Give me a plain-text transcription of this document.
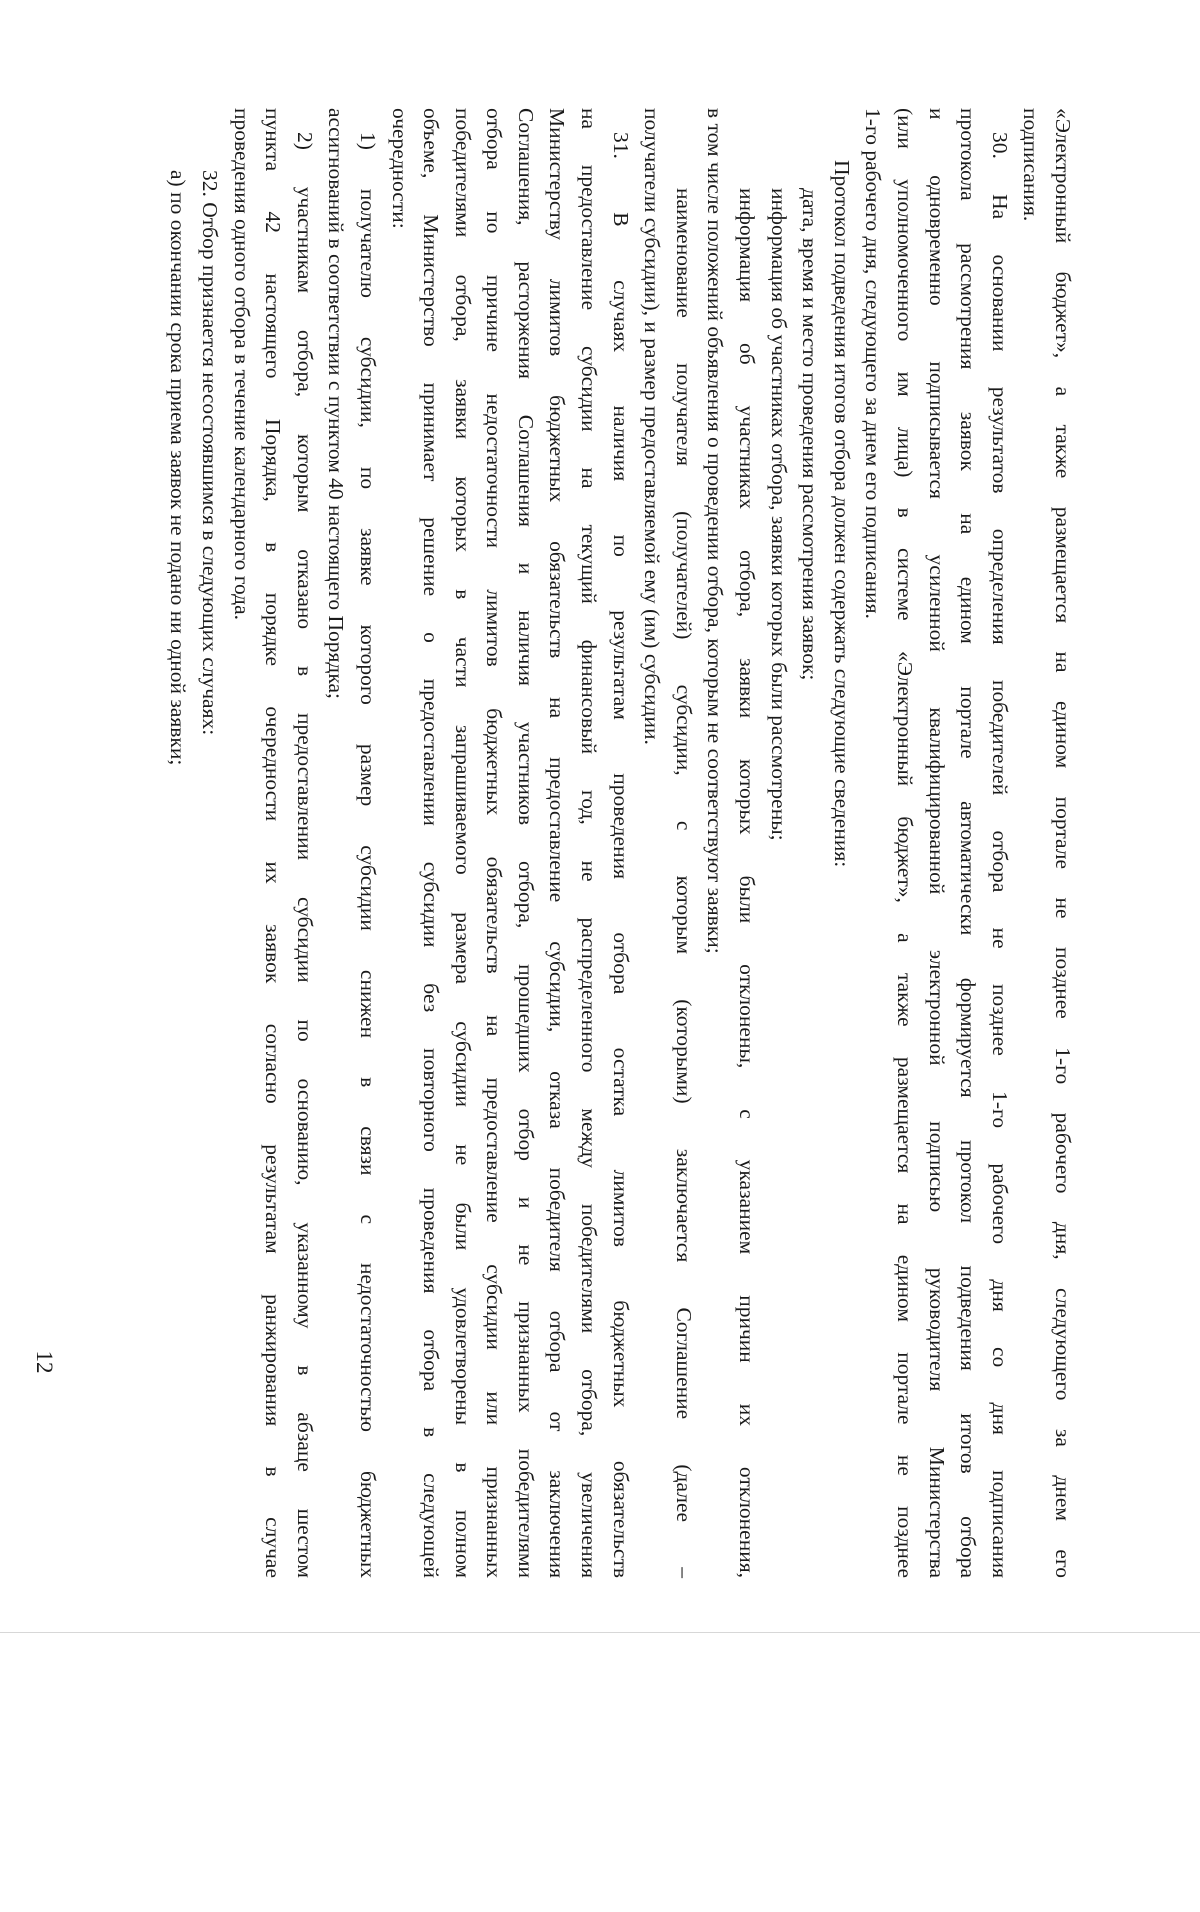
12	«Электронный бюджет», а также размещается на едином портале не позднее 1-го рабочего дня, следующего за днем его
подписания.
30. На основании результатов определения победителей отбора не позднее 1-го рабочего дня со дня подписания
протокола рассмотрения заявок на едином портале автоматически формируется протокол подведения итогов отбора
и одновременно подписывается усиленной квалифицированной электронной подписью руководителя Министерства
(или уполномоченного им лица) в системе «Электронный бюджет», а также размещается на едином портале не позднее
1-го рабочего дня, следующего за днем его подписания.
Протокол подведения итогов отбора должен содержать следующие сведения:
дата, время и место проведения рассмотрения заявок;
информация об участниках отбора, заявки которых были рассмотрены;
информация об участниках отбора, заявки которых были отклонены, с указанием причин их отклонения,
в том числе положений объявления о проведении отбора, которым не соответствуют заявки;
наименование получателя (получателей) субсидии, с которым (которыми) заключается Соглашение (далее –
получатели субсидии), и размер предоставляемой ему (им) субсидии.
31. В случаях наличия по результатам проведения отбора остатка лимитов бюджетных обязательств
на предоставление субсидии на текущий финансовый год, не распределенного между победителями отбора, увеличения
Министерству лимитов бюджетных обязательств на предоставление субсидии, отказа победителя отбора от заключения
Соглашения, расторжения Соглашения и наличия участников отбора, прошедших отбор и не признанных победителями
отбора по причине недостаточности лимитов бюджетных обязательств на предоставление субсидии или признанных
победителями отбора, заявки которых в части запрашиваемого размера субсидии не были удовлетворены в полном
объеме, Министерство принимает решение о предоставлении субсидии без повторного проведения отбора в следующей
очередности:
1) получателю субсидии, по заявке которого размер субсидии снижен в связи с недостаточностью бюджетных
ассигнований в соответствии с пунктом 40 настоящего Порядка;
2) участникам отбора, которым отказано в предоставлении субсидии по основанию, указанному в абзаце шестом
пункта 42 настоящего Порядка, в порядке очередности их заявок согласно результатам ранжирования в случае
проведения одного отбора в течение календарного года.
32. Отбор признается несостоявшимся в следующих случаях:
а) по окончании срока приема заявок не подано ни одной заявки;
